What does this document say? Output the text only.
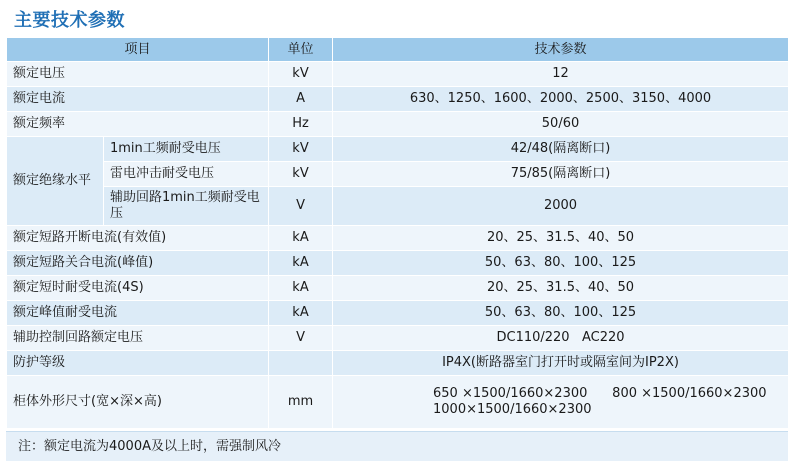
主要技术参数
项目		单位	技术参数
额定电压		kV	12
额定电流		A	630、1250、1600、2000、2500、3150、4000
额定频率		Hz	50/60
额定绝缘水平	1min工频耐受电压	kV	42/48(隔离断口)
	雷电冲击耐受电压	kV	75/85(隔离断口)
	辅助回路1min工频耐受电压	V	2000
额定短路开断电流(有效值)		kA	20、25、31.5、40、50
额定短路关合电流(峰值)		kA	50、63、80、100、125
额定短时耐受电流(4S)		kA	20、25、31.5、40、50
额定峰值耐受电流		kA	50、63、80、100、125
辅助控制回路额定电压		V	DC110/220   AC220
防护等级			IP4X(断路器室门打开时或隔室间为IP2X)
柜体外形尺寸(宽×深×高)		mm	650 ×1500/1660×2300      800 ×1500/1660×2300
1000×1500/1660×2300
注：额定电流为4000A及以上时，需强制风冷
